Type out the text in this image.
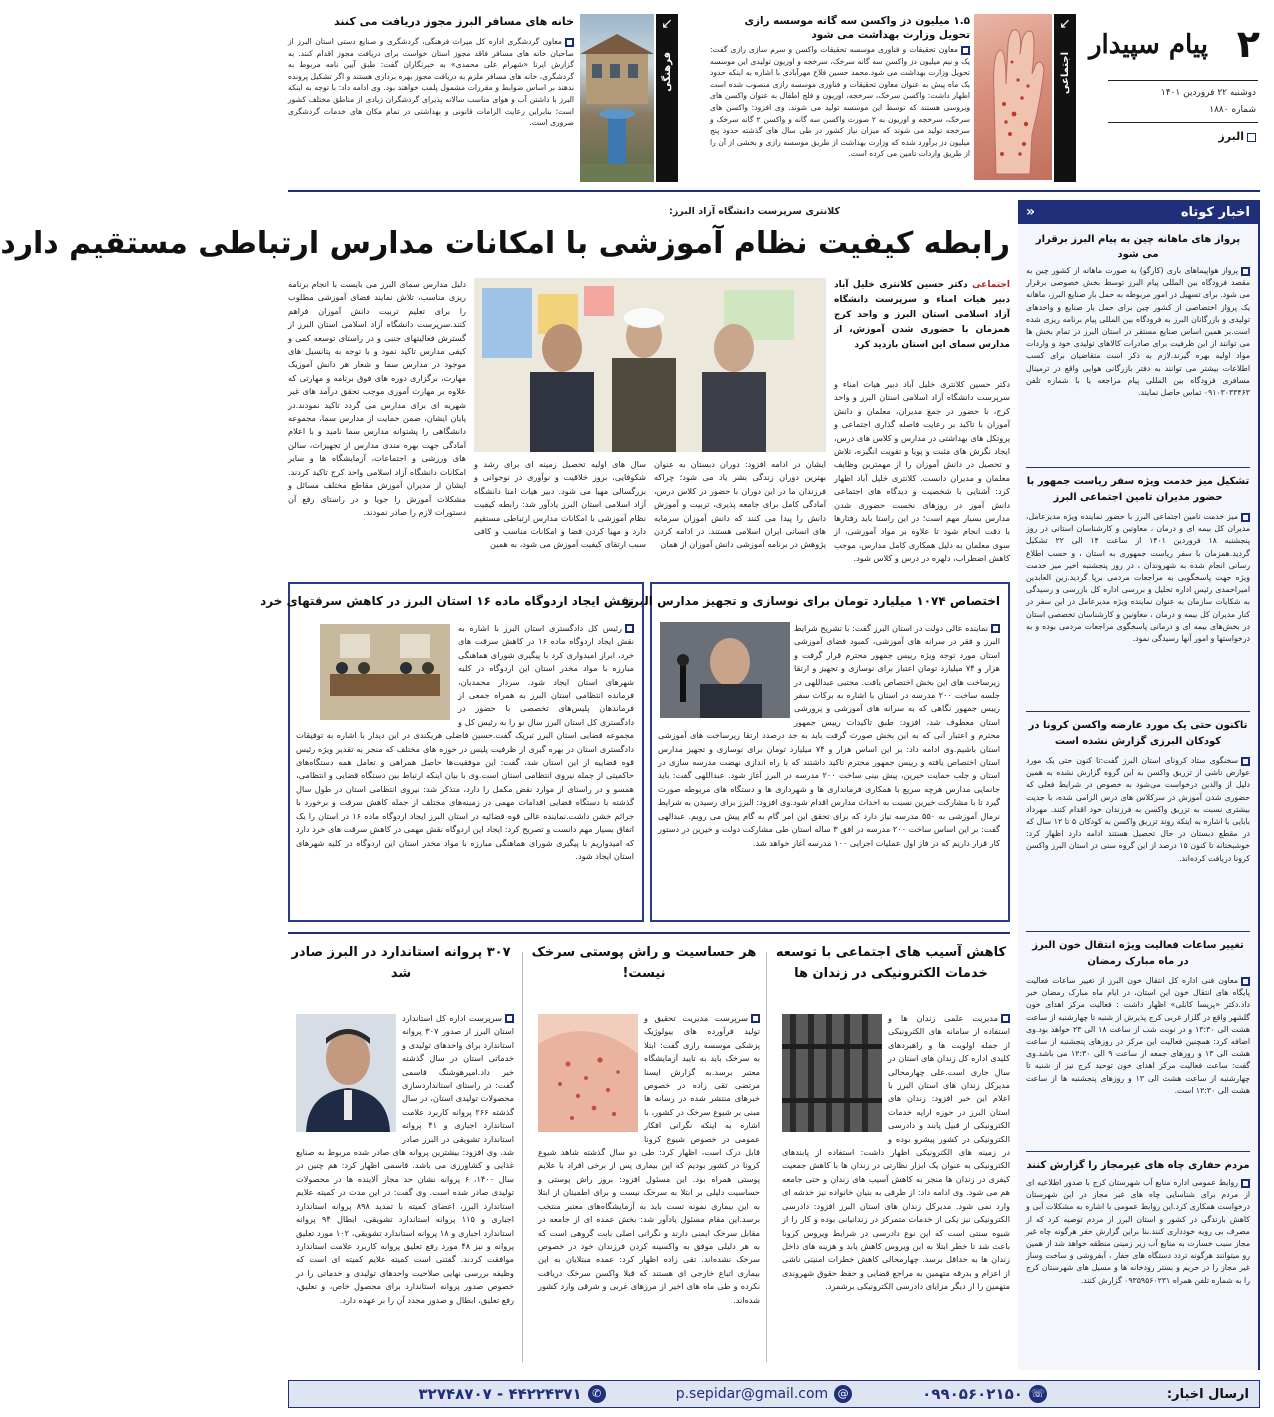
۲
پیام سپیدار
دوشنبه ۲۲ فروردین ۱۴۰۱
شماره ۱۸۸۰
البرز
↙
اجتماعی
۱.۵ میلیون دز واکسن سه گانه موسسه رازی تحویل وزارت بهداشت می شود
معاون تحقیقات و فناوری موسسه تحقیقات واکسن و سرم سازی رازی گفت: یک و نیم میلیون دز واکسن سه گانه سرخک، سرخجه و اوریون تولیدی این موسسه تحویل وزارت بهداشت می شود.محمد حسین فلاح مهرآبادی با اشاره به اینکه حدود یک ماه پیش به عنوان معاون تحقیقات و فناوری موسسه رازی منصوب شده است اظهار داشت: واکسن سرخک، سرخجه، اوریون و فلج اطفال به عنوان واکسن های ویروسی هستند که توسط این موسسه تولید می شوند. وی افزود: واکسن های سرخک، سرخجه و اوریون به ۲ صورت واکسن سه گانه و واکسن ۲ گانه سرخک و سرخجه تولید می شوند که میزان نیاز کشور در طی سال های گذشته حدود پنج میلیون دز برآورد شده که وزارت بهداشت از طریق موسسه رازی و بخشی از آن را از طریق واردات تامین می کرده است.
↙
فرهنگی
خانه های مسافر البرز مجوز دریافت می کنند
معاون گردشگری اداره کل میراث فرهنگی، گردشگری و صنایع دستی استان البرز از صاحبان خانه های مسافر فاقد مجوز استان خواست برای دریافت مجوز اقدام کنند. به گزارش ایرنا «شهرام علی محمدی» به خبرنگاران گفت: طبق آیین نامه مربوط به گردشگری، خانه های مسافر ملزم به دریافت مجوز بهره برداری هستند و اگر تشکیل پرونده ندهند بر اساس ضوابط و مقررات مشمول پلمب خواهند بود. وی ادامه داد: با توجه به اینکه البرز با داشتن آب و هوای مناسب سالانه پذیرای گردشگران زیادی از مناطق مختلف کشور است؛ بنابراین رعایت الزامات قانونی و بهداشتی در تمام مکان های خدمات گردشگری ضروری است.
اخبار کوتاه
«
پرواز های ماهانه چین به پیام البرز برقرار می شود
پرواز هواپیماهای باری (کارگو) به صورت ماهانه از کشور چین به مقصد فرودگاه بین المللی پیام البرز توسط بخش خصوصی برقرار می شود. برای تسهیل در امور مربوطه به حمل بار صنایع البرز، ماهانه یک پرواز اختصاصی از کشور چین برای حمل بار صنایع و واحدهای تولیدی و بازرگانان البرز به فرودگاه بین المللی پیام برنامه ریزی شده است.بر همین اساس صنایع مستقر در استان البرز در تمام بخش ها می توانند از این ظرفیت برای صادرات کالاهای تولیدی خود و واردات مواد اولیه بهره گیرند.لازم به ذکر است متقاضیان برای کسب اطلاعات بیشتر می توانند به دفتر بازرگانی هوایی واقع در ترمینال مسافری فرودگاه بین المللی پیام مراجعه یا با شماره تلفن ۰۹۱۰۳۰۳۳۴۶۳ تماس حاصل نمایند.
تشکیل میز خدمت ویژه سفر ریاست جمهور با حضور مدیران تامین اجتماعی البرز
میز خدمت تامین اجتماعی البرز با حضور نماینده ویژه مدیرعامل، مدیران کل بیمه ای و درمان ، معاونین و کارشناسان استانی در روز پنجشنبه ۱۸ فروردین ۱۴۰۱ از ساعت ۱۴ الی ۲۲ تشکیل گردید.همزمان با سفر ریاست جمهوری به استان ، و حسب اطلاع رسانی انجام شده به شهروندان ، در روز پنجشنبه اخیر میز خدمت ویژه جهت پاسخگویی به مراجعات مردمی برپا گردید.زین العابدین امیراحمدی رئیس اداره تحلیل و بررسی اداره کل بازرسی و رسیدگی به شکایات سازمان به عنوان نماینده ویژه مدیرعامل در این سفر در کنار مدیران کل بیمه و درمان ، معاونین و کارشناسان تخصصی استان در بخش‌های بیمه ای و درمانی پاسخگوی مراجعات مردمی بوده و به درخواستها و امور آنها رسیدگی نمود.
تاکنون حتی یک مورد عارضه واکسن کرونا در کودکان البرزی گزارش نشده است
سخنگوی ستاد کرونای استان البرز گفت:تا کنون حتی یک مورد عوارض ناشی از تزریق واکسن به این گروه گزارش نشده به همین دلیل از والدین درخواست می‌شود به خصوص در شرایط فعلی که حضوری شدن آموزش در سرکلاس های درس الزامی شده، با جدیت بیشتری نسبت به تزریق واکسن به فرزندان خود اقدام کنند. مهرداد بابایی با اشاره به اینکه روند تزریق واکسن به کودکان ۵ تا ۱۲ سال که در مقطع دبستان در حال تحصیل هستند ادامه دارد اظهار کرد: خوشبختانه تا کنون ۱۵ درصد از این گروه سنی در استان البرز واکسن کرونا دریافت کرده‌اند.
تغییر ساعات فعالیت ویژه انتقال خون البرز در ماه مبارک رمضان
معاون فنی اداره کل انتقال خون البرز از تغییر ساعات فعالیت پایگاه های انتقال خون این استان، در ایام ماه مبارک رمضان خبر داد.دکتر «پریسا کابلی» اظهار داشت : فعالیت مرکز اهدای خون گلشهر واقع در گلزار غربی کرج پذیرش از شنبه تا چهارشنبه از ساعت هشت الی ۱۳:۳۰ و در نوبت شب از ساعت ۱۸ الی ۲۳ خواهد بود.وی اضافه کرد: همچنین فعالیت این مرکز در روزهای پنجشنبه از ساعت هشت الی ۱۳ و روزهای جمعه از ساعت ۹ الی ۱۲:۳۰ می باشد.وی گفت: ساعت فعالیت مرکز اهدای خون توحید کرج نیز از شنبه تا چهارشنبه از ساعت هشت الی ۱۳ و روزهای پنجشنبه ها از ساعت هشت الی ۱۲:۳۰ است.
مردم حفاری چاه های غیرمجاز را گزارش کنند
روابط عمومی اداره منابع آب شهرستان کرج با صدور اطلاعیه ای از مردم برای شناسایی چاه های غیر مجاز در این شهرستان درخواست همکاری کرد.این روابط عمومی با اشاره به مشکلات آبی و کاهش بارندگی در کشور و استان البرز از مردم توصیه کرد که از مصرف بی رویه خودداری کنند.بنا براین گزارش حفر هرگونه چاه غیر مجاز سبب خسارت به منابع آب زیر زمینی منطقه خواهد شد از همین رو میتوانند هرگونه تردد دستگاه های حفار ، آبفروشی و ساخت وساز غیر مجاز را در حریم و بستر رودخانه ها و مسیل های شهرستان کرج را به شماره تلفن همراه ۰۹۳۵۹۵۶۰۲۳۱ گزارش کنند.
کلانتری سرپرست دانشگاه آزاد البرز:
رابطه کیفیت نظام آموزشی با امکانات مدارس ارتباطی مستقیم دارد
اجتماعی دکتر حسین کلانتری خلیل آباد دبیر هیات امناء و سرپرست دانشگاه آزاد اسلامی استان البرز و واحد کرج همزمان با حضوری شدن آموزش، از مدارس سمای این استان بازدید کرد
دکتر حسین کلانتری خلیل آباد دبیر هیات امناء و سرپرست دانشگاه آزاد اسلامی استان البرز و واحد کرج، با حضور در جمع مدیران، معلمان و دانش آموزان با تاکید بر رعایت فاصله گذاری اجتماعی و پروتکل های بهداشتی در مدارس و کلاس های درس، ایجاد نگرش های مثبت و پویا و تقویت انگیزه، تلاش و تحصیل در دانش آموزان را از مهمترین وظایف معلمان و مدیران دانست. کلانتری خلیل آباد اظهار کرد: آشنایی با شخصیت و دیدگاه های اجتماعی دانش آموز در روزهای نخست حضوری شدن مدارس بسیار مهم است؛ در این راستا باید رفتارها با دقت انجام شود تا علاوه بر مواد آموزشی، از سوی معلمان به دلیل همکاری کامل مدارس، موجب کاهش اضطراب، دلهره در درس و کلاس شود.
ایشان در ادامه افزود: دوران دبستان به عنوان بهترین دوران زندگی بشر یاد می شود؛ چراکه فرزندان ما در این دوران با حضور در کلاس درس، آمادگی کامل برای جامعه پذیری، تربیت و آموزش دانش را پیدا می کنند که دانش آموزان سرمایه های انسانی ایران اسلامی هستند. در ادامه کردن پژوهش در برنامه آموزشی دانش آموزان از همان
سال های اولیه تحصیل زمینه ای برای رشد و شکوفایی، بروز خلاقیت و نوآوری در نوجوانی و بزرگسالی مهیا می شود. دبیر هیات امنا دانشگاه آزاد اسلامی استان البرز یادآور شد: رابطه کیفیت نظام آموزشی با امکانات مدارس ارتباطی مستقیم دارد و مهیا کردن فضا و امکانات مناسب و کافی سبب ارتقای کیفیت آموزش می شود، به همین
دلیل مدارس سمای البرز می بایست با انجام برنامه ریزی مناسب، تلاش نمایند فضای آموزشی مطلوب را برای تعلیم تربیت دانش آموزان فراهم کنند.سرپرست دانشگاه آزاد اسلامی استان البرز از گسترش فعالیتهای جنبی و در راستای توسعه کمی و کیفی مدارس تاکید نمود و با توجه به پتانسیل های موجود در مدارس سما و شعار هر دانش آموزیک مهارت، برگزاری دوره های فوق برنامه و مهارتی که علاوه بر مهارت آموزی موجب تحقق درآمد های غیر شهریه ای برای مدارس می گردد تاکید نمودند.در پایان ایشان، ضمن حمایت از مدارس سما، مجموعه دانشگاهی را پشتوانه مدارس سما نامید و با اعلام آمادگی جهت بهره مندی مدارس از تجهیزات، سالن های ورزشی و اجتماعات، آزمایشگاه ها و سایر امکانات دانشگاه آزاد اسلامی واحد کرج تاکید کردند. ایشان از مدیران آموزش مقاطع مختلف مسائل و مشکلات آموزش را جویا و در راستای رفع آن دستورات لازم را صادر نمودند.
اختصاص ۱۰۷۴ میلیارد تومان برای نوسازی و تجهیز مدارس البرز
نماینده عالی دولت در استان البرز گفت: با تشریح شرایط البرز و فقر در سرانه های آموزشی، کمبود فضای آموزشی استان مورد توجه ویژه رییس جمهور محترم قرار گرفت و هزار و ۷۴ میلیارد تومان اعتبار برای نوسازی و تجهیز و ارتقا زیرساخت های این بخش اختصاص یافت. مجتبی عبداللهی در جلسه ساخت ۲۰۰ مدرسه در استان با اشاره به برکات سفر رییس جمهور نگاهی که به سرانه های آموزشی و پرورشی استان معطوف شد، افزود: طبق تاکیدات رییس جمهور محترم و اعتبار آنی که به این بخش صورت گرفت باید به جد درصدد ارتقا زیرساخت های آموزشی استان باشیم.وی ادامه داد: بر این اساس هزار و ۷۴ میلیارد تومان برای نوسازی و تجهیز مدارس استان اختصاص یافته و رییس جمهور محترم تاکید داشتند که با راه اندازی نهضت مدرسه سازی در استان و جلب حمایت خیرین، پیش بینی ساخت ۲۰۰ مدرسه در البرز آغاز شود. عبداللهی گفت: باید جانمایی مدارس هرچه سریع با همکاری فرمانداری ها و شهرداری ها و دستگاه های مربوطه صورت گیرد تا با مشارکت خیرین نسبت به احداث مدارس اقدام شود.وی افزود: البرز برای رسیدن به شرایط نرمال آموزشی به ۵۵۰ مدرسه نیاز دارد که برای تحقق این امر گام به گام پیش می رویم. عبدالهی گفت: بر این اساس ساخت ۲۰۰ مدرسه در افق ۳ ساله استان طی مشارکت دولت و خیرین در دستور کار قرار داریم که در فاز اول عملیات اجرایی ۱۰۰ مدرسه آغاز خواهد شد.
نقش ایجاد اردوگاه ماده ۱۶ استان البرز در کاهش سرقتهای خرد
رئیس کل دادگستری استان البرز با اشاره به نقش ایجاد اردوگاه ماده ۱۶ در کاهش سرقت های خرد، ابراز امیدواری کرد با پیگیری شورای هماهنگی مبارزه با مواد مخدر استان این اردوگاه در کلیه شهرهای استان ایجاد شود. سردار محمدیان، فرمانده انتظامی استان البرز به همراه جمعی از فرماندهان پلیس‌های تخصصی با حضور در دادگستری کل استان البرز سال نو را به رئیس کل و مجموعه قضایی استان البرز تبریک گفت.حسین فاضلی هریکندی در این دیدار با اشاره به توفیقات دادگستری استان در بهره گیری از ظرفیت پلیس در حوزه های مختلف که منجر به تقدیر ویژه رئیس قوه قضاییه از این استان شد، گفت: این موفقیت‌ها حاصل همراهی و تعامل همه دستگاه‌های حاکمیتی از جمله نیروی انتظامی استان است.وی با بیان اینکه ارتباط بین دستگاه قضایی و انتظامی، همسو و در راستای از موارد نقض مکمل را دارد، متذکر شد: نیروی انتظامی استان در طول سال گذشته با دستگاه قضایی اقدامات مهمی در زمینه‌های مختلف از جمله کاهش سرقت و برخورد با جرائم خشن داشت.نماینده عالی قوه قضائیه در استان البرز ایجاد اردوگاه ماده ۱۶ در استان را یک اتفاق بسیار مهم دانست و تصریح کرد: ایجاد این اردوگاه نقش مهمی در کاهش سرقت های خرد دارد که امیدواریم با پیگیری شورای هماهنگی مبارزه با مواد مخدر استان این اردوگاه در کلیه شهرهای استان ایجاد شود.
کاهش آسیب های اجتماعی با توسعه خدمات الکترونیکی در زندان ها
مدیریت علمی زندان ها و استفاده از سامانه های الکترونیکی از جمله اولویت ها و راهبردهای کلیدی اداره کل زندان های استان در سال جاری است.علی چهارمحالی مدیرکل زندان های استان البرز با اعلام این خبر افزود: زندان های استان البرز در حوزه ارایه خدمات الکترونیکی از قبیل پابند و دادرسی الکترونیکی در کشور پیشرو بوده و در زمینه های الکترونیکی اظهار داشت: استفاده از پابندهای الکترونیکی به عنوان یک ابزار نظارتی در زندان ها با کاهش جمعیت کیفری در زندان ها منجر به کاهش آسیب های زندان و حتی جامعه هم می شود. وی ادامه داد: از طرفی به بنیان خانواده نیز خدشه ای وارد نمی شود. مدیرکل زندان های استان البرز افزود: دادرسی الکترونیکی نیز یکی از خدمات متمرکز در زندانیانی بوده و کار را از شیوه سنتی است که این نوع دادرسی در شرایط ویروس کرونا باعث شد تا خطر ابتلا به این ویروس کاهش یابد و هزینه های داخل زندان ها به حداقل برسد. چهارمحالی کاهش خطرات امنیتی ناشی از اعزام و بدرقه متهمین به مراجع قضایی و حفظ حقوق شهروندی متهمین را از دیگر مزایای دادرسی الکترونیکی برشمرد.
هر حساسیت و راش پوستی سرخک نیست!
سرپرست مدیریت تحقیق و تولید فرآورده های بیولوژیک پزشکی موسسه رازی گفت: ابتلا به سرخک باید به تایید آزمایشگاه معتبر برسد.به گزارش ایسنا مرتضی تقی زاده در خصوص خبرهای منتشر شده در رسانه ها مبنی بر شیوع سرخک در کشور، با اشاره به اینکه نگرانی افکار عمومی در خصوص شیوع کرونا قابل درک است، اظهار کرد: طی دو سال گذشته شاهد شیوع کرونا در کشور بودیم که این بیماری پس از برخی افراد با علایم پوستی همراه بود. این مسئول افزود: بروز راش پوستی و حساسیت دلیلی بر ابتلا به سرخک نیست و برای اطمینان از ابتلا به این بیماری نمونه تست باید به آزمایشگاه‌های معتبر منتخب برسد.این مقام مسئول یادآور شد: بخش عمده ای از جامعه در مقابل سرخک ایمنی دارند و نگرانی اصلی بابت گروهی است که به هر دلیلی موفق به واکسینه کردن فرزندان خود در خصوص سرخک نشده‌اند. تقی زاده اظهار کرد: عمده مبتلایان به این بیماری اتباع خارجی ای هستند که قبلا واکسن سرخک دریافت نکرده و طی ماه های اخیر از مرزهای غربی و شرقی وارد کشور شده‌اند.
۳۰۷ پروانه استاندارد در البرز صادر شد
سرپرست اداره کل استاندارد استان البرز از صدور ۳۰۷ پروانه استاندارد برای واحدهای تولیدی و خدماتی استان در سال گذشته خبر داد.امیرهوشنگ قاسمی گفت: در راستای استانداردسازی محصولات تولیدی استان، در سال گذشته ۲۶۶ پروانه کاربرد علامت استاندارد اجباری و ۴۱ پروانه استاندارد تشویقی در البرز صادر شد. وی افزود: بیشترین پروانه های صادر شده مربوط به صنایع غذایی و کشاورزی می باشد. قاسمی اظهار کرد: هم چنین در سال ۱۴۰۰، ۶ پروانه نشان حد مجاز آلاینده ها در محصولات تولیدی صادر شده است. وی گفت: در این مدت در کمیته علایم استاندارد البرز، اعضای کمیته با تمدید ۸۹۸ پروانه استاندارد اجباری و ۱۱۵ پروانه استاندارد تشویقی، ابطال ۹۴ پروانه استاندارد اجباری و ۱۸ پروانه استاندارد تشویقی، ۱۰۲ مورد تعلیق پروانه و نیز ۴۸ مورد رفع تعلیق پروانه کاربرد علامت استاندارد موافقت کردند. گفتنی است کمیته علایم کمیته ای است که وظیفه بررسی نهایی صلاحیت واحدهای تولیدی و خدماتی را در خصوص صدور پروانه استاندارد برای محصول خاص، و تعلیق، رفع تعلیق، ابطال و صدور مجدد آن را بر عهده دارد.
ارسال اخبار:
☏
۰۹۹۰۵۶۰۲۱۵۰
@
p.sepidar@gmail.com
✆
۴۴۲۲۴۳۷۱ - ۳۲۷۴۸۷۰۷
